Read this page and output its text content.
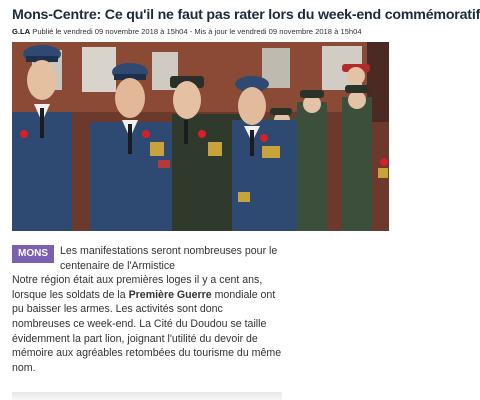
Mons-Centre: Ce qu'il ne faut pas rater lors du week-end commémoratif
G.LA Publié le vendredi 09 novembre 2018 à 15h04 - Mis à jour le vendredi 09 novembre 2018 à 15h04

MONS	Les manifestations seront nombreuses pour le centenaire de l'Armistice

Notre région était aux premières loges il y a cent ans, lorsque les soldats de la Première Guerre mondiale ont pu baisser les armes. Les activités sont donc nombreuses ce week-end. La Cité du Doudou se taille évidemment la part lion, joignant l'utilité du devoir de mémoire aux agréables retombées du tourisme du même nom.
